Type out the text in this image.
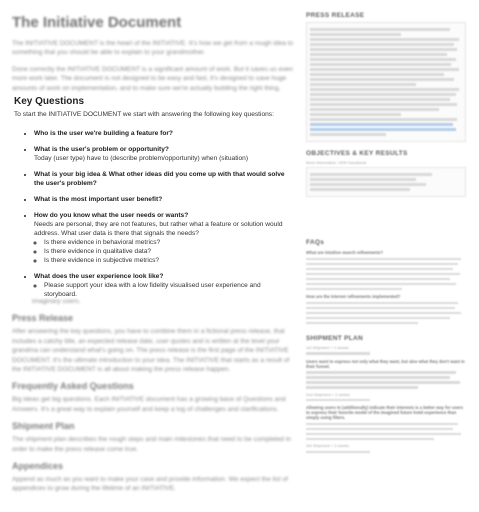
The Initiative Document

The INITIATIVE DOCUMENT is the heart of the INITIATIVE. It's how we get from a rough idea to something that you should be able to explain to your grandmother.

Done correctly the INITIATIVE DOCUMENT is a significant amount of work. But it saves us even more work later. The document is not designed to be easy and fast, it's designed to save huge amounts of work on implementation, and to make sure we're actually building the right thing.

Key Questions
To start the INITIATIVE DOCUMENT we start with answering the following key questions:
• Who is the user we're building a feature for?
• What is the user's problem or opportunity?
Today (user type) have to (describe problem/opportunity) when (situation)
• What is your big idea & What other ideas did you come up with that would solve the user's problem?
• What is the most important user benefit?
• How do you know what the user needs or wants?
Needs are personal, they are not features, but rather what a feature or solution would address. What user data is there that signals the needs?
◦ Is there evidence in behavioral metrics?
◦ Is there evidence in qualitative data?
◦ Is there evidence in subjective metrics?
• What does the user experience look like?
◦ Please support your idea with a low fidelity visualised user experience and storyboard.

imaginary users.

Press Release

After answering the key questions, you have to combine them in a fictional press release, that includes a catchy title, an expected release date, user quotes and is written at the level your grandma can understand what's going on. The press release is the first page of the INITIATIVE DOCUMENT. It's the ultimate introduction to your idea. The INITIATIVE that starts as a result of the INITIATIVE DOCUMENT is all about making the press release happen.

Frequently Asked Questions

Big ideas get big questions. Each INITIATIVE document has a growing base of Questions and Answers. It's a great way to explain yourself and keep a log of challenges and clarifications.

Shipment Plan

The shipment plan describes the rough steps and main milestones that need to be completed in order to make the press release come true.

Appendices

Append as much as you want to make your case and provide information. We expect the list of appendices to grow during the lifetime of an INITIATIVE.

PRESS RELEASE
OBJECTIVES & KEY RESULTS
More information: OKR Handbook
FAQs
What are intuitive search refinements?
How are the interest refinements implemented?
SHIPMENT PLAN
1st Shipment + 2 weeks
Users want to express not only what they want, but also what they don't want in their funnel.
2nd Shipment + 2 weeks
Allowing users to (additionally) indicate their interests is a better way for users to express their favorite model of the imagined future hotel experience than simply using filters.
3rd Shipment + 2 weeks
